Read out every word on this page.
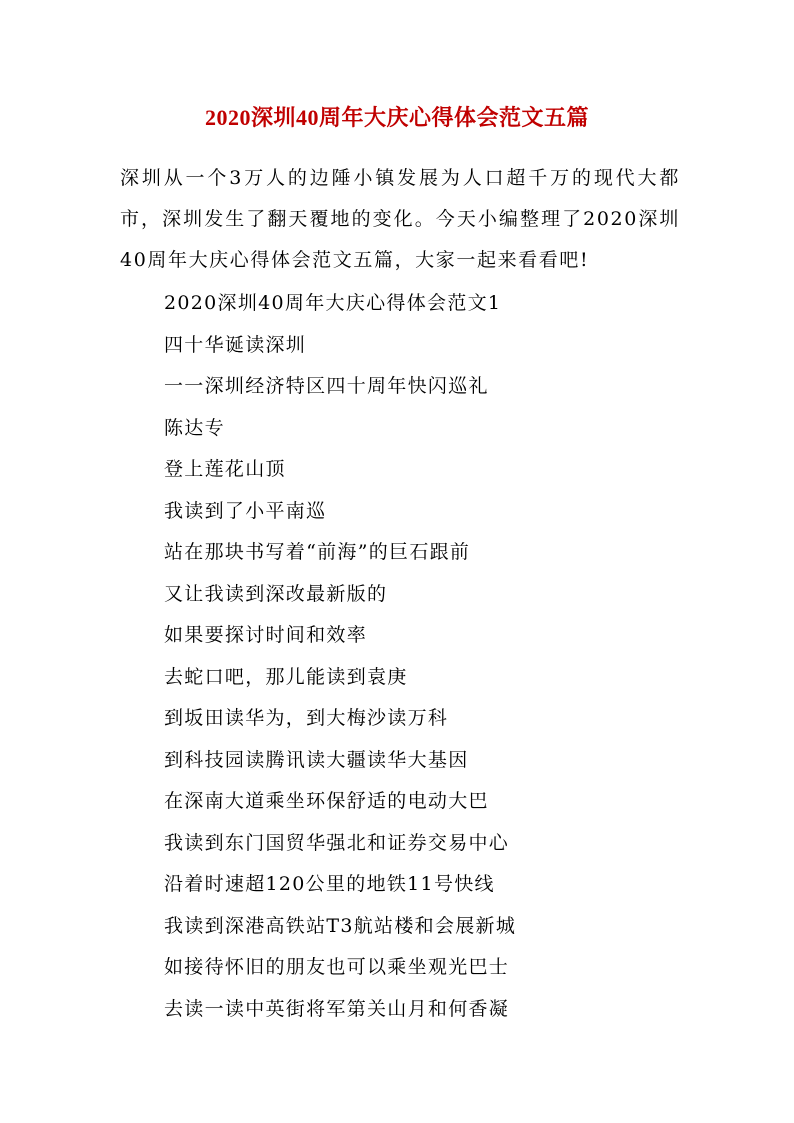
2020深圳40周年大庆心得体会范文五篇

深圳从一个3万人的边陲小镇发展为人口超千万的现代大都市，深圳发生了翻天覆地的变化。今天小编整理了2020深圳40周年大庆心得体会范文五篇，大家一起来看看吧!

2020深圳40周年大庆心得体会范文1
四十华诞读深圳
一一深圳经济特区四十周年快闪巡礼
陈达专
登上莲花山顶
我读到了小平南巡
站在那块书写着“前海”的巨石跟前
又让我读到深改最新版的
如果要探讨时间和效率
去蛇口吧，那儿能读到袁庚
到坂田读华为，到大梅沙读万科
到科技园读腾讯读大疆读华大基因
在深南大道乘坐环保舒适的电动大巴
我读到东门国贸华强北和证券交易中心
沿着时速超120公里的地铁11号快线
我读到深港高铁站T3航站楼和会展新城
如接待怀旧的朋友也可以乘坐观光巴士
去读一读中英街将军第关山月和何香凝
